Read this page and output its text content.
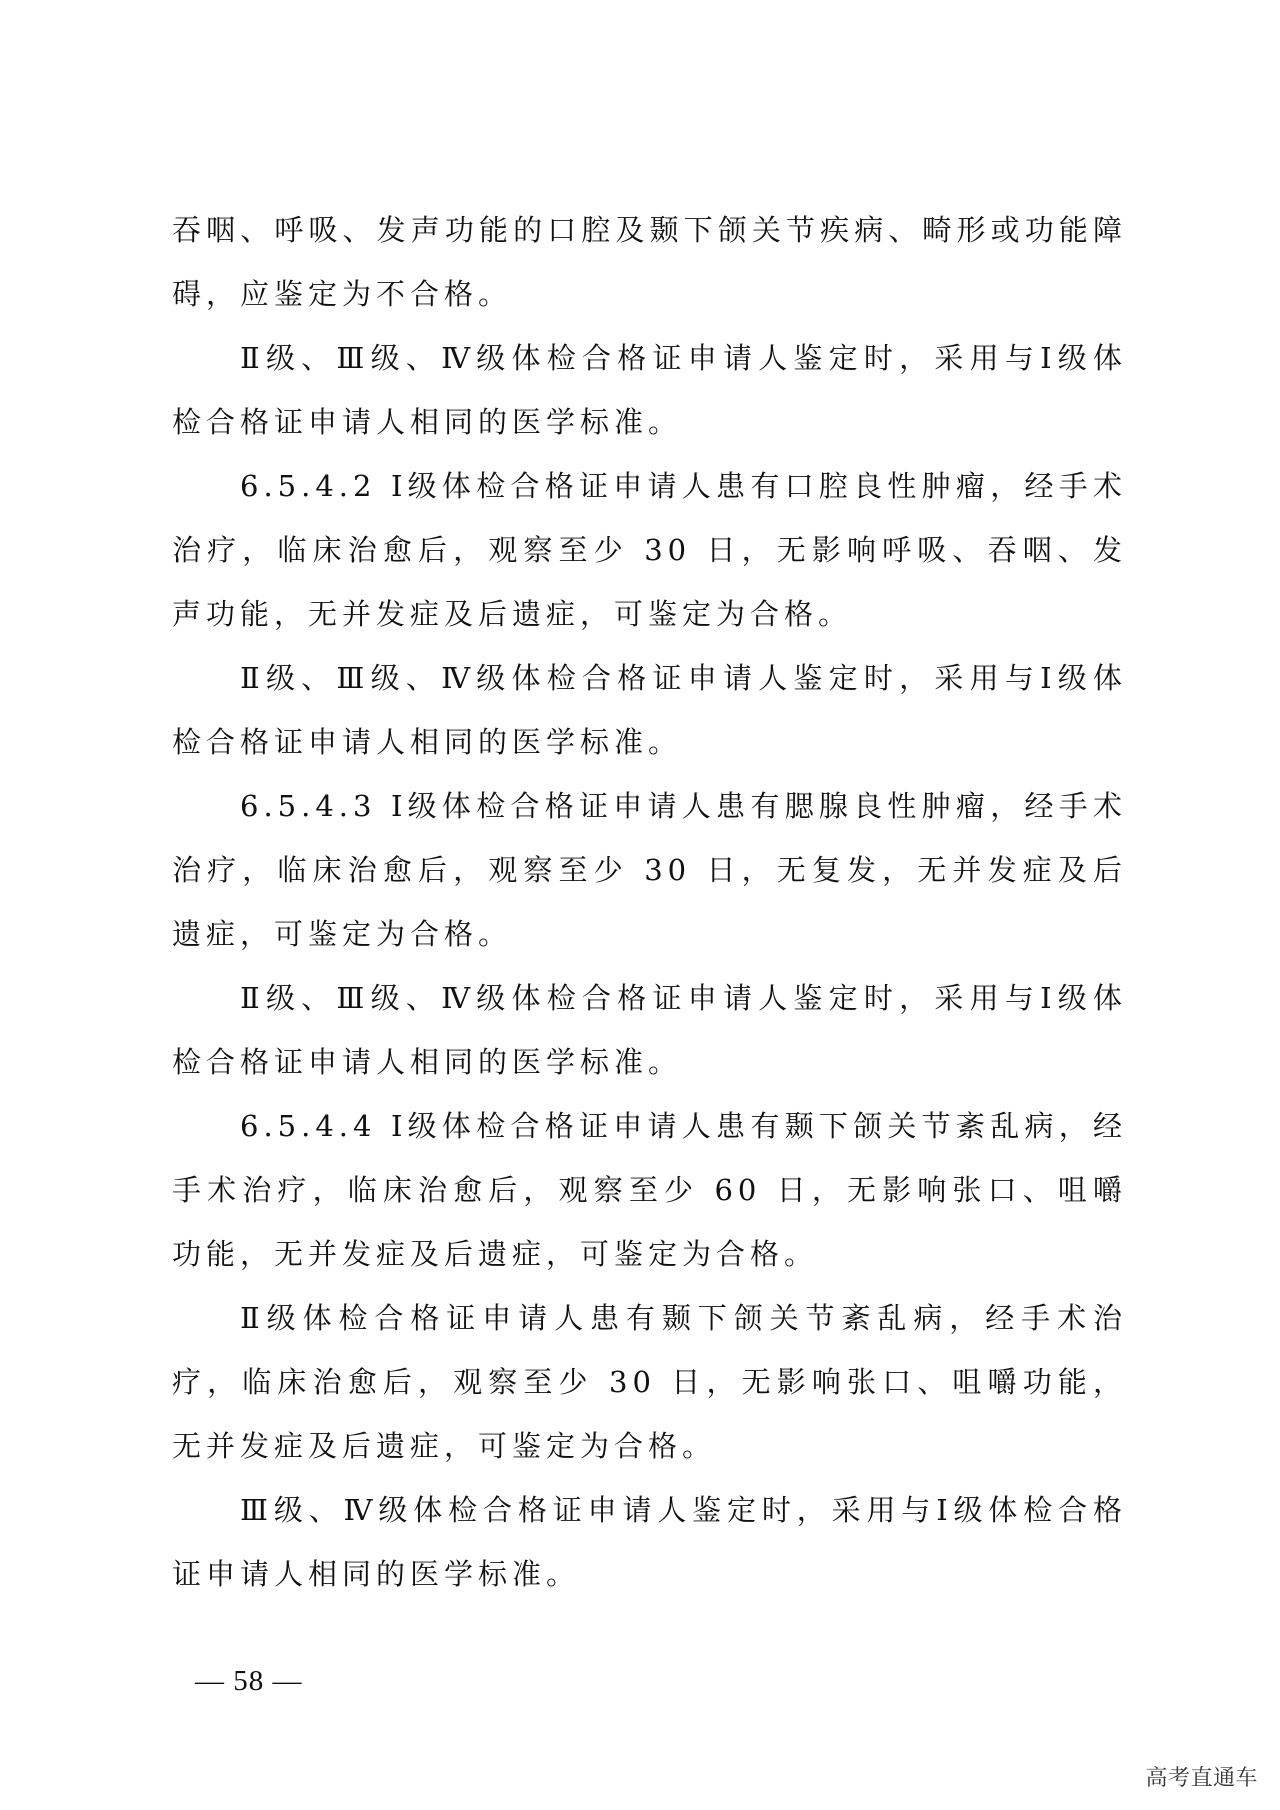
吞咽、呼吸、发声功能的口腔及颞下颌关节疾病、畸形或功能障碍，应鉴定为不合格。

Ⅱ级、Ⅲ级、Ⅳ级体检合格证申请人鉴定时，采用与Ⅰ级体检合格证申请人相同的医学标准。

6.5.4.2 Ⅰ级体检合格证申请人患有口腔良性肿瘤，经手术治疗，临床治愈后，观察至少 30 日，无影响呼吸、吞咽、发声功能，无并发症及后遗症，可鉴定为合格。

Ⅱ级、Ⅲ级、Ⅳ级体检合格证申请人鉴定时，采用与Ⅰ级体检合格证申请人相同的医学标准。

6.5.4.3 Ⅰ级体检合格证申请人患有腮腺良性肿瘤，经手术治疗，临床治愈后，观察至少 30 日，无复发，无并发症及后遗症，可鉴定为合格。

Ⅱ级、Ⅲ级、Ⅳ级体检合格证申请人鉴定时，采用与Ⅰ级体检合格证申请人相同的医学标准。

6.5.4.4 Ⅰ级体检合格证申请人患有颞下颌关节紊乱病，经手术治疗，临床治愈后，观察至少 60 日，无影响张口、咀嚼功能，无并发症及后遗症，可鉴定为合格。

Ⅱ级体检合格证申请人患有颞下颌关节紊乱病，经手术治疗，临床治愈后，观察至少 30 日，无影响张口、咀嚼功能，无并发症及后遗症，可鉴定为合格。

Ⅲ级、Ⅳ级体检合格证申请人鉴定时，采用与Ⅰ级体检合格证申请人相同的医学标准。

— 58 —
高考直通车
